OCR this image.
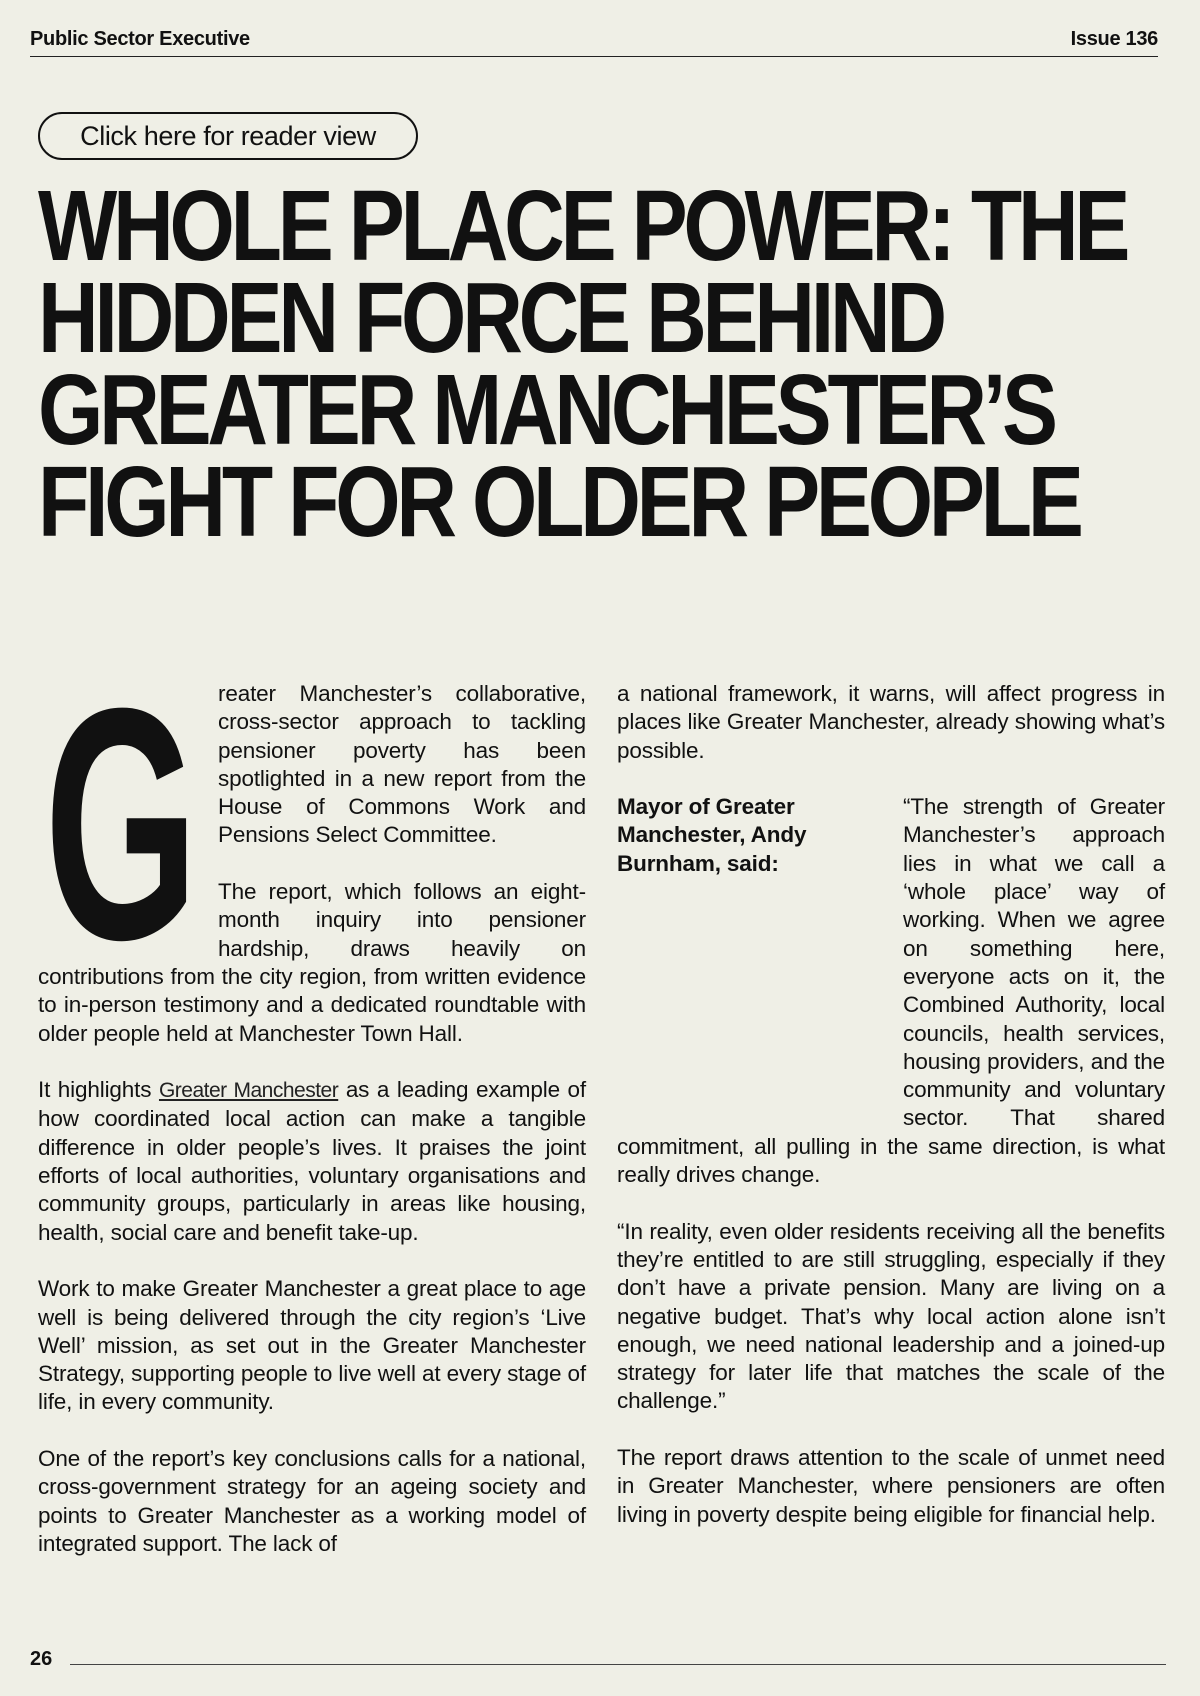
Public Sector Executive	Issue 136
Click here for reader view
WHOLE PLACE POWER: THE
HIDDEN FORCE BEHIND
GREATER MANCHESTER’S
FIGHT FOR OLDER PEOPLE

G reater Manchester’s collaborative, cross-sector approach to tackling pensioner poverty has been spotlighted in a new report from the House of Commons Work and Pensions Select Committee.

The report, which follows an eight-month inquiry into pensioner hardship, draws heavily on contributions from the city region, from written evidence to in-person testimony and a dedicated roundtable with older people held at Manchester Town Hall.

It highlights Greater Manchester as a leading example of how coordinated local action can make a tangible difference in older people’s lives. It praises the joint efforts of local authorities, voluntary organisations and community groups, particularly in areas like housing, health, social care and benefit take-up.

Work to make Greater Manchester a great place to age well is being delivered through the city region’s ‘Live Well’ mission, as set out in the Greater Manchester Strategy, supporting people to live well at every stage of life, in every community.

One of the report’s key conclusions calls for a national, cross-government strategy for an ageing society and points to Greater Manchester as a working model of integrated support. The lack of

a national framework, it warns, will affect progress in places like Greater Manchester, already showing what’s possible.

Mayor of Greater Manchester, Andy Burnham, said:
“The strength of Greater Manchester’s approach lies in what we call a ‘whole place’ way of working. When we agree on something here, everyone acts on it, the Combined Authority, local councils, health services, housing providers, and the community and voluntary sector. That shared commitment, all pulling in the same direction, is what really drives change.

“In reality, even older residents receiving all the benefits they’re entitled to are still struggling, especially if they don’t have a private pension. Many are living on a negative budget. That’s why local action alone isn’t enough, we need national leadership and a joined-up strategy for later life that matches the scale of the challenge.”

The report draws attention to the scale of unmet need in Greater Manchester, where pensioners are often living in poverty despite being eligible for financial help.

26
